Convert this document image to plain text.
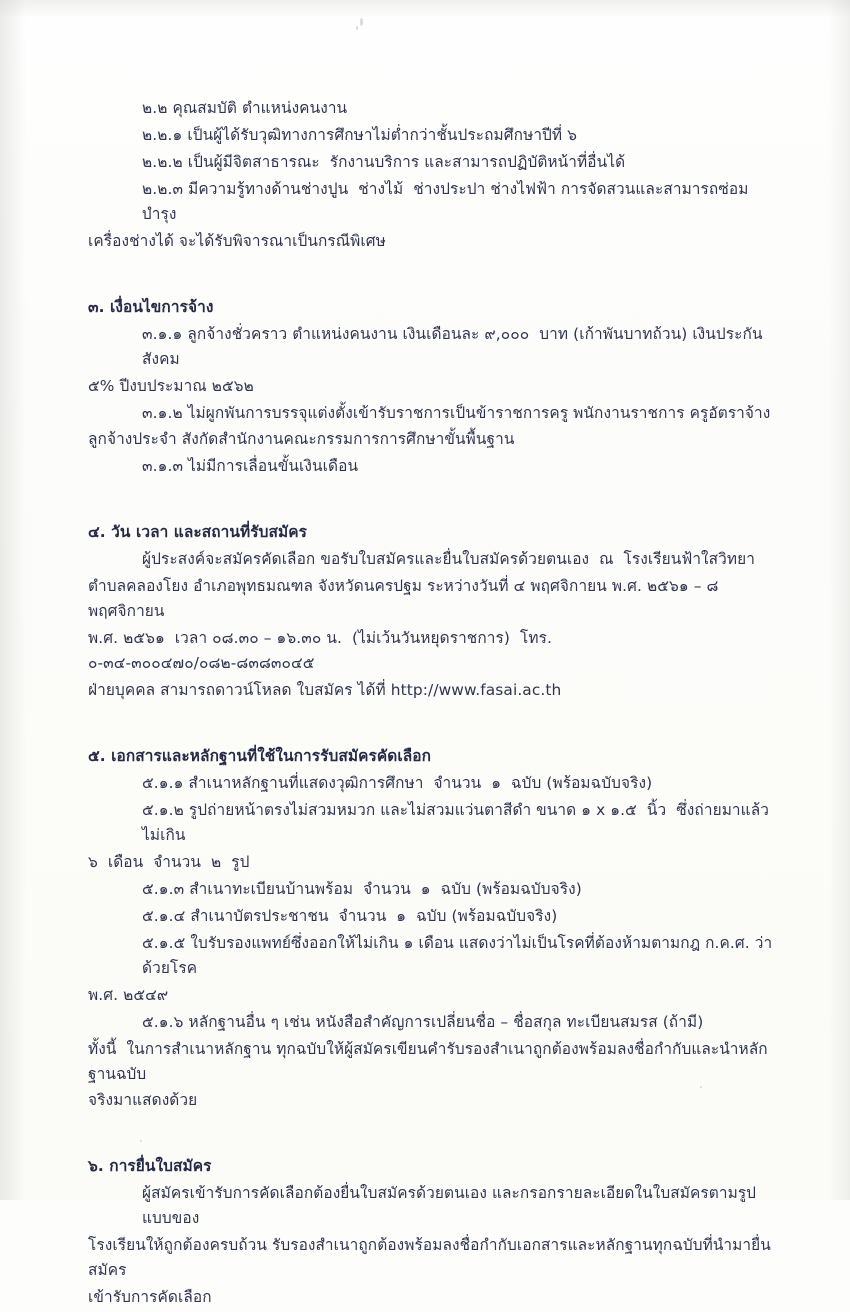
๒.๒ คุณสมบัติ ตำแหน่งคนงาน

๒.๒.๑ เป็นผู้ได้รับวุฒิทางการศึกษาไม่ต่ำกว่าชั้นประถมศึกษาปีที่ ๖

๒.๒.๒ เป็นผู้มีจิตสาธารณะ  รักงานบริการ และสามารถปฏิบัติหน้าที่อื่นได้

๒.๒.๓ มีความรู้ทางด้านช่างปูน  ช่างไม้  ช่างประปา ช่างไฟฟ้า การจัดสวนและสามารถซ่อมบำรุง

เครื่องช่างได้ จะได้รับพิจารณาเป็นกรณีพิเศษ

๓. เงื่อนไขการจ้าง

๓.๑.๑ ลูกจ้างชั่วคราว ตำแหน่งคนงาน เงินเดือนละ ๙,๐๐๐  บาท (เก้าพันบาทถ้วน) เงินประกันสังคม

๕% ปีงบประมาณ ๒๕๖๒

๓.๑.๒ ไม่ผูกพันการบรรจุแต่งตั้งเข้ารับราชการเป็นข้าราชการครู พนักงานราชการ ครูอัตราจ้าง

ลูกจ้างประจำ สังกัดสำนักงานคณะกรรมการการศึกษาขั้นพื้นฐาน

๓.๑.๓ ไม่มีการเลื่อนขั้นเงินเดือน

๔. วัน เวลา และสถานที่รับสมัคร

ผู้ประสงค์จะสมัครคัดเลือก ขอรับใบสมัครและยื่นใบสมัครด้วยตนเอง  ณ  โรงเรียนฟ้าใสวิทยา

ตำบลคลองโยง อำเภอพุทธมณฑล จังหวัดนครปฐม ระหว่างวันที่ ๔ พฤศจิกายน พ.ศ. ๒๕๖๑ – ๘ พฤศจิกายน

พ.ศ. ๒๕๖๑  เวลา ๐๘.๓๐ – ๑๖.๓๐ น.  (ไม่เว้นวันหยุดราชการ)  โทร. ๐-๓๔-๓๐๐๔๗๐/๐๘๒-๘๓๘๓๐๔๕

ฝ่ายบุคคล สามารถดาวน์โหลด ใบสมัคร ได้ที่ http://www.fasai.ac.th

๕. เอกสารและหลักฐานที่ใช้ในการรับสมัครคัดเลือก

๕.๑.๑ สำเนาหลักฐานที่แสดงวุฒิการศึกษา  จำนวน  ๑  ฉบับ (พร้อมฉบับจริง)

๕.๑.๒ รูปถ่ายหน้าตรงไม่สวมหมวก และไม่สวมแว่นตาสีดำ ขนาด ๑ x ๑.๕  นิ้ว  ซึ่งถ่ายมาแล้วไม่เกิน

๖  เดือน  จำนวน  ๒  รูป

๕.๑.๓ สำเนาทะเบียนบ้านพร้อม  จำนวน  ๑  ฉบับ (พร้อมฉบับจริง)

๕.๑.๔ สำเนาบัตรประชาชน  จำนวน  ๑  ฉบับ (พร้อมฉบับจริง)

๕.๑.๕ ใบรับรองแพทย์ซึ่งออกให้ไม่เกิน ๑ เดือน แสดงว่าไม่เป็นโรคที่ต้องห้ามตามกฎ ก.ค.ศ. ว่าด้วยโรค

พ.ศ. ๒๕๔๙

๕.๑.๖ หลักฐานอื่น ๆ เช่น หนังสือสำคัญการเปลี่ยนชื่อ – ชื่อสกุล ทะเบียนสมรส (ถ้ามี)

ทั้งนี้  ในการสำเนาหลักฐาน ทุกฉบับให้ผู้สมัครเขียนคำรับรองสำเนาถูกต้องพร้อมลงชื่อกำกับและนำหลักฐานฉบับ

จริงมาแสดงด้วย

๖. การยื่นใบสมัคร

ผู้สมัครเข้ารับการคัดเลือกต้องยื่นใบสมัครด้วยตนเอง และกรอกรายละเอียดในใบสมัครตามรูปแบบของ

โรงเรียนให้ถูกต้องครบถ้วน รับรองสำเนาถูกต้องพร้อมลงชื่อกำกับเอกสารและหลักฐานทุกฉบับที่นำมายื่นสมัคร

เข้ารับการคัดเลือก
